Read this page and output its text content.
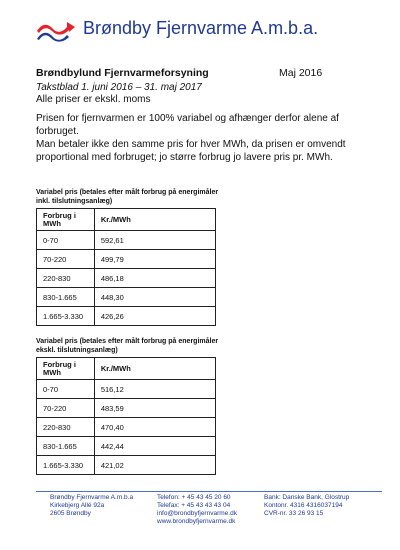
Brøndby Fjernvarme A.m.b.a.
Brøndbylund Fjernvarmeforsyning	Maj 2016
Takstblad 1. juni 2016 – 31. maj 2017
Alle priser er ekskl. moms

Prisen for fjernvarmen er 100% variabel og afhænger derfor alene af forbruget.

Man betaler ikke den samme pris for hver MWh, da prisen er omvendt proportional med forbruget; jo større forbrug jo lavere pris pr. MWh.

Variabel pris (betales efter målt forbrug på energimåler inkl. tilslutningsanlæg)
Forbrug i MWh	Kr./MWh
0-70	592,61
70-220	499,79
220-830	486,18
830-1.665	448,30
1.665-3.330	426,26
Variabel pris (betales efter målt forbrug på energimåler ekskl. tilslutningsanlæg)
Forbrug i MWh	Kr./MWh
0-70	516,12
70-220	483,59
220-830	470,40
830-1.665	442,44
1.665-3.330	421,02
Brøndby Fjernvarme A.m.b.a
Kirkebjerg Allé 92a
2605 Brøndby
Telefon: + 45 43 45 20 60
Telefax: + 45 43 43 43 04
info@brondbyfjernvarme.dk
www.brondbyfjernvarme.dk
Bank: Danske Bank, Glostrup
Kontonr. 4316 4316037194
CVR-nr. 33 26 93 15
